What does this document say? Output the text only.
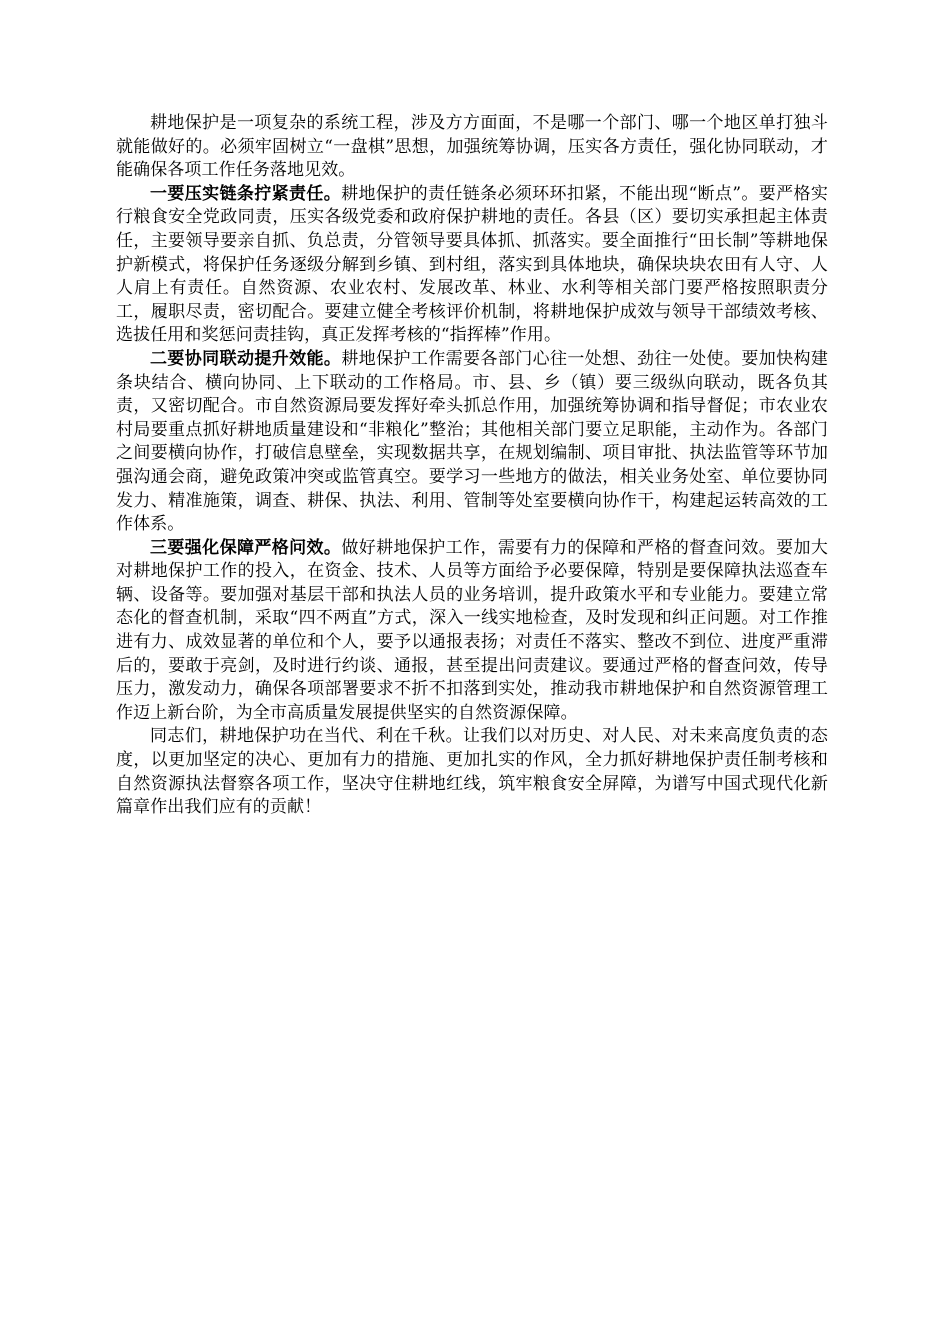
耕地保护是一项复杂的系统工程，涉及方方面面，不是哪一个部门、哪一个地区单打独斗就能做好的。必须牢固树立“一盘棋”思想，加强统筹协调，压实各方责任，强化协同联动，才能确保各项工作任务落地见效。

一要压实链条拧紧责任。耕地保护的责任链条必须环环扣紧，不能出现“断点”。要严格实行粮食安全党政同责，压实各级党委和政府保护耕地的责任。各县（区）要切实承担起主体责任，主要领导要亲自抓、负总责，分管领导要具体抓、抓落实。要全面推行“田长制”等耕地保护新模式，将保护任务逐级分解到乡镇、到村组，落实到具体地块，确保块块农田有人守、人人肩上有责任。自然资源、农业农村、发展改革、林业、水利等相关部门要严格按照职责分工，履职尽责，密切配合。要建立健全考核评价机制，将耕地保护成效与领导干部绩效考核、选拔任用和奖惩问责挂钩，真正发挥考核的“指挥棒”作用。

二要协同联动提升效能。耕地保护工作需要各部门心往一处想、劲往一处使。要加快构建条块结合、横向协同、上下联动的工作格局。市、县、乡（镇）要三级纵向联动，既各负其责，又密切配合。市自然资源局要发挥好牵头抓总作用，加强统筹协调和指导督促；市农业农村局要重点抓好耕地质量建设和“非粮化”整治；其他相关部门要立足职能，主动作为。各部门之间要横向协作，打破信息壁垒，实现数据共享，在规划编制、项目审批、执法监管等环节加强沟通会商，避免政策冲突或监管真空。要学习一些地方的做法，相关业务处室、单位要协同发力、精准施策，调查、耕保、执法、利用、管制等处室要横向协作干，构建起运转高效的工作体系。

三要强化保障严格问效。做好耕地保护工作，需要有力的保障和严格的督查问效。要加大对耕地保护工作的投入，在资金、技术、人员等方面给予必要保障，特别是要保障执法巡查车辆、设备等。要加强对基层干部和执法人员的业务培训，提升政策水平和专业能力。要建立常态化的督查机制，采取“四不两直”方式，深入一线实地检查，及时发现和纠正问题。对工作推进有力、成效显著的单位和个人，要予以通报表扬；对责任不落实、整改不到位、进度严重滞后的，要敢于亮剑，及时进行约谈、通报，甚至提出问责建议。要通过严格的督查问效，传导压力，激发动力，确保各项部署要求不折不扣落到实处，推动我市耕地保护和自然资源管理工作迈上新台阶，为全市高质量发展提供坚实的自然资源保障。

同志们，耕地保护功在当代、利在千秋。让我们以对历史、对人民、对未来高度负责的态度，以更加坚定的决心、更加有力的措施、更加扎实的作风，全力抓好耕地保护责任制考核和自然资源执法督察各项工作，坚决守住耕地红线，筑牢粮食安全屏障，为谱写中国式现代化新篇章作出我们应有的贡献！
